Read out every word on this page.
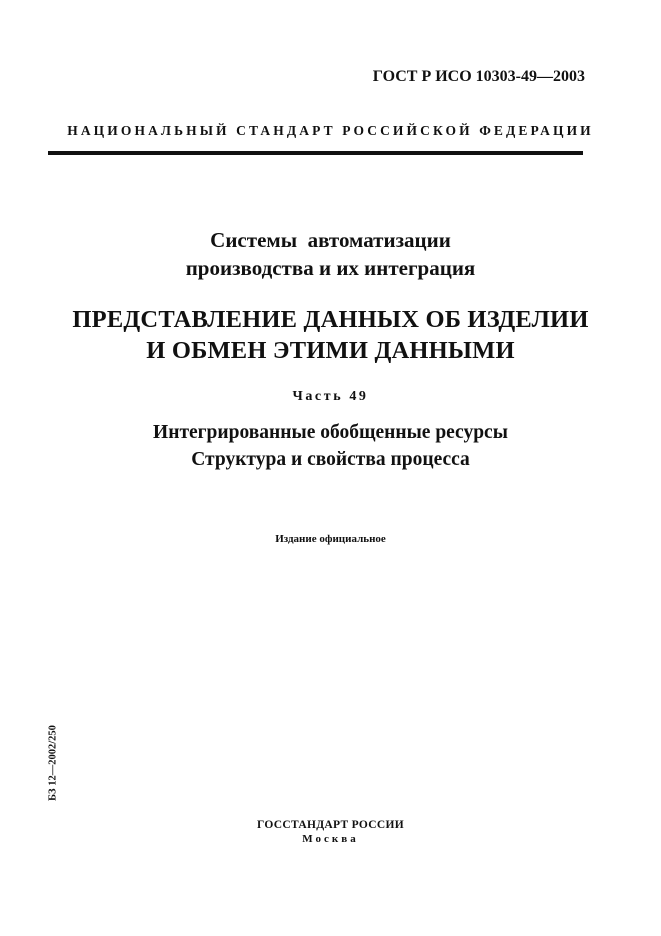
ГОСТ Р ИСО 10303-49—2003
НАЦИОНАЛЬНЫЙ СТАНДАРТ РОССИЙСКОЙ ФЕДЕРАЦИИ
Системы  автоматизации
производства и их интеграция
ПРЕДСТАВЛЕНИЕ ДАННЫХ ОБ ИЗДЕЛИИ
И ОБМЕН ЭТИМИ ДАННЫМИ
Часть 49
Интегрированные обобщенные ресурсы
Структура и свойства процесса
Издание официальное
БЗ 12—2002/250
ГОССТАНДАРТ РОССИИ
Москва
